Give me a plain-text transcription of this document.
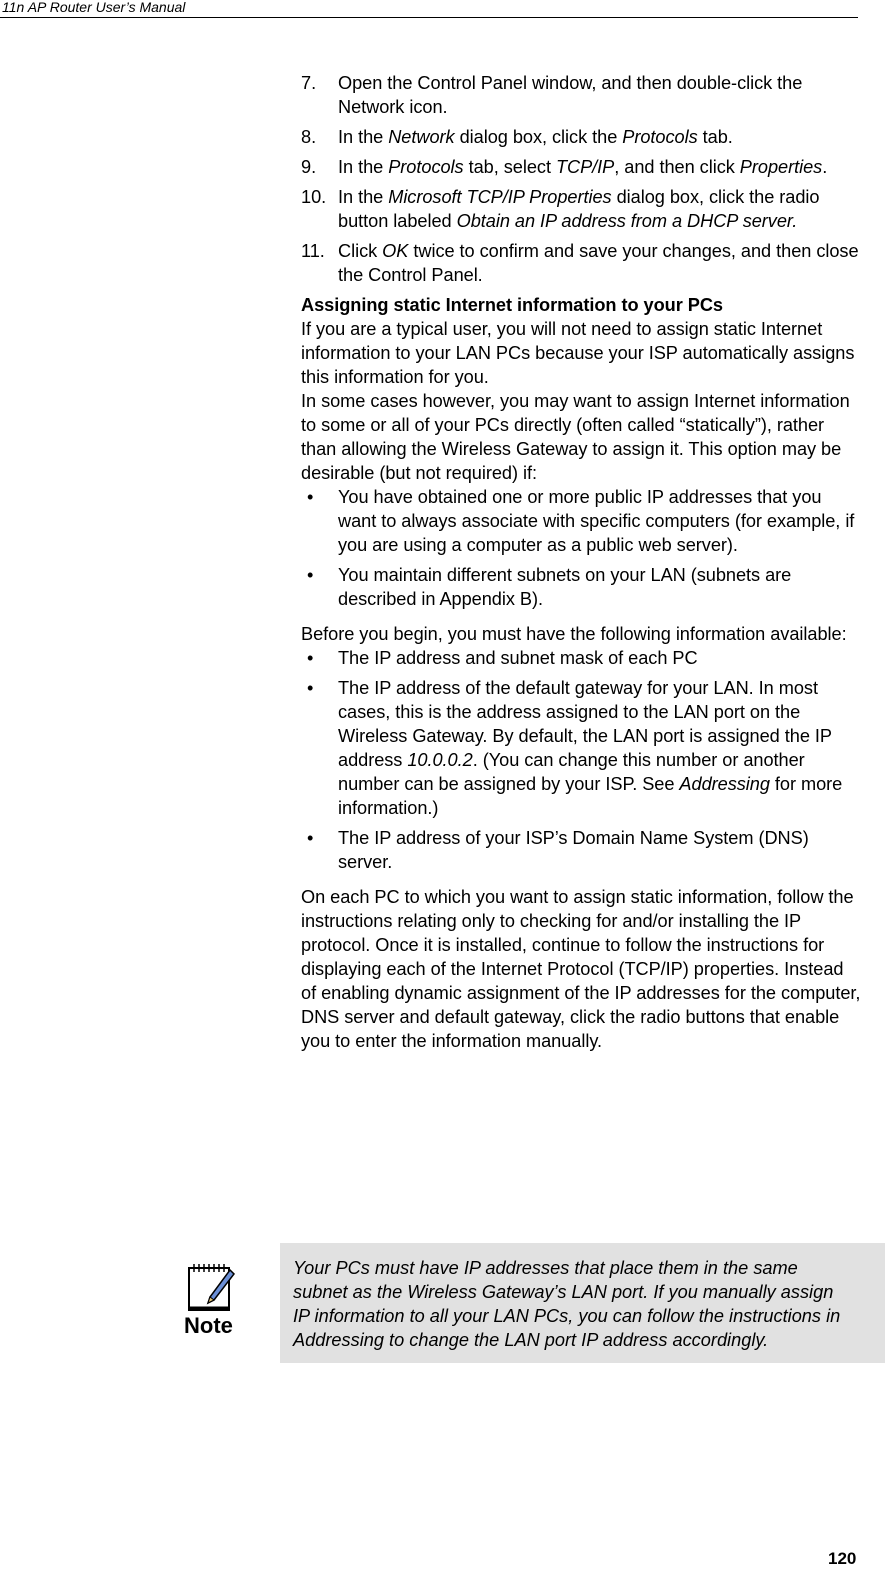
11n AP Router User’s Manual
7. Open the Control Panel window, and then double-click the Network icon.
8. In the Network dialog box, click the Protocols tab.
9. In the Protocols tab, select TCP/IP, and then click Properties.
10. In the Microsoft TCP/IP Properties dialog box, click the radio button labeled Obtain an IP address from a DHCP server.
11. Click OK twice to confirm and save your changes, and then close the Control Panel.

Assigning static Internet information to your PCs

If you are a typical user, you will not need to assign static Internet information to your LAN PCs because your ISP automatically assigns this information for you.

In some cases however, you may want to assign Internet information to some or all of your PCs directly (often called “statically”), rather than allowing the Wireless Gateway to assign it. This option may be desirable (but not required) if:

• You have obtained one or more public IP addresses that you want to always associate with specific computers (for example, if you are using a computer as a public web server).
• You maintain different subnets on your LAN (subnets are described in Appendix B).

Before you begin, you must have the following information available:

• The IP address and subnet mask of each PC
• The IP address of the default gateway for your LAN. In most cases, this is the address assigned to the LAN port on the Wireless Gateway. By default, the LAN port is assigned the IP address 10.0.0.2. (You can change this number or another number can be assigned by your ISP. See Addressing for more information.)
• The IP address of your ISP’s Domain Name System (DNS) server.

On each PC to which you want to assign static information, follow the instructions relating only to checking for and/or installing the IP protocol. Once it is installed, continue to follow the instructions for displaying each of the Internet Protocol (TCP/IP) properties. Instead of enabling dynamic assignment of the IP addresses for the computer, DNS server and default gateway, click the radio buttons that enable you to enter the information manually.

Note
Your PCs must have IP addresses that place them in the same
subnet as the Wireless Gateway’s LAN port. If you manually assign
IP information to all your LAN PCs, you can follow the instructions in
Addressing to change the LAN port IP address accordingly.
120
